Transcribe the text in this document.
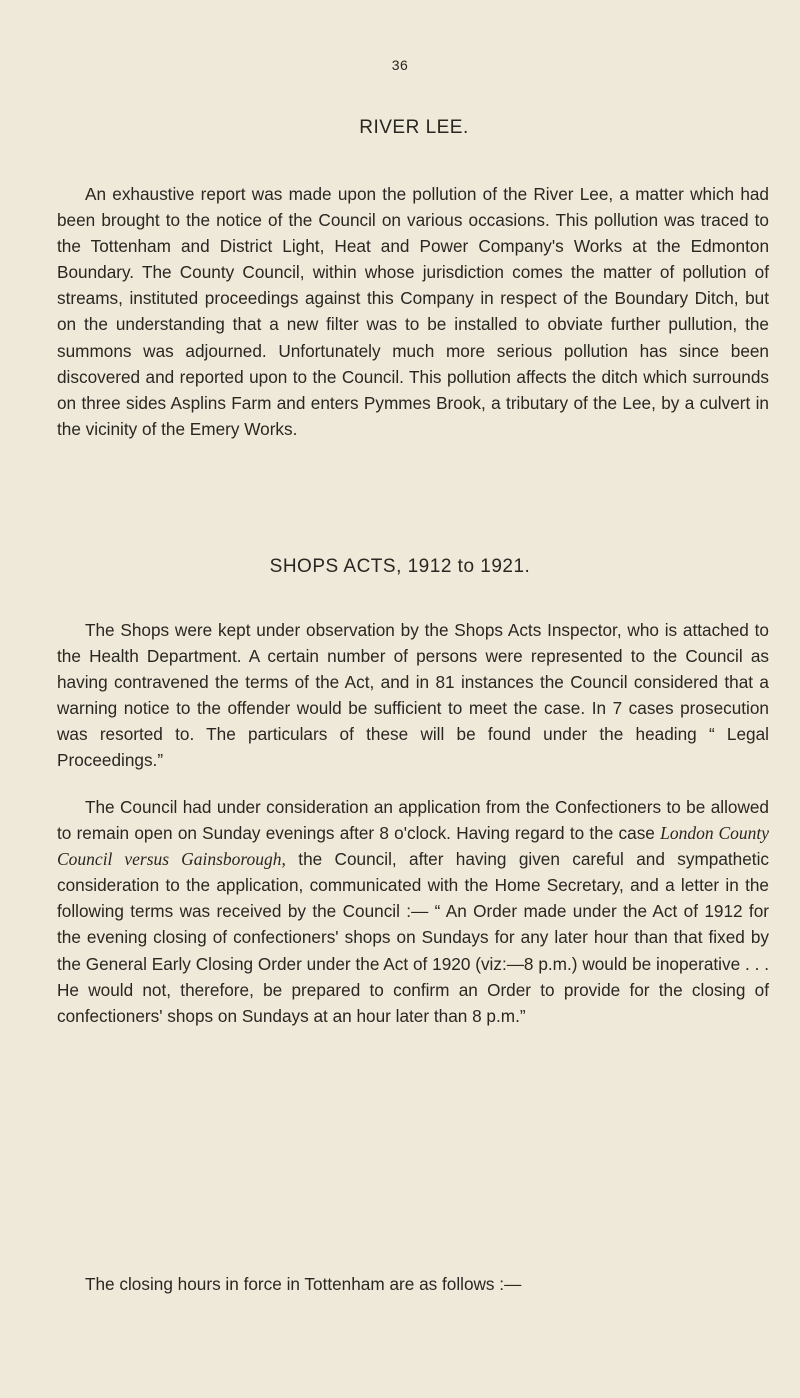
36
RIVER LEE.

An exhaustive report was made upon the pollution of the River Lee, a matter which had been brought to the notice of the Council on various occasions. This pollution was traced to the Tottenham and District Light, Heat and Power Company's Works at the Edmonton Boundary. The County Council, within whose jurisdiction comes the matter of pollution of streams, instituted proceedings against this Company in respect of the Boundary Ditch, but on the understanding that a new filter was to be installed to obviate further pullution, the summons was adjourned. Unfortunately much more serious pollution has since been discovered and reported upon to the Council. This pollution affects the ditch which surrounds on three sides Asplins Farm and enters Pymmes Brook, a tributary of the Lee, by a culvert in the vicinity of the Emery Works.

SHOPS ACTS, 1912 to 1921.

The Shops were kept under observation by the Shops Acts Inspector, who is attached to the Health Department. A certain number of persons were represented to the Council as having contravened the terms of the Act, and in 81 instances the Council considered that a warning notice to the offender would be sufficient to meet the case. In 7 cases prosecution was resorted to. The particulars of these will be found under the heading “ Legal Proceedings.”

The Council had under consideration an application from the Confectioners to be allowed to remain open on Sunday evenings after 8 o'clock. Having regard to the case London County Council versus Gainsborough, the Council, after having given careful and sympathetic consideration to the application, communicated with the Home Secretary, and a letter in the following terms was received by the Council :— “ An Order made under the Act of 1912 for the evening closing of confectioners' shops on Sundays for any later hour than that fixed by the General Early Closing Order under the Act of 1920 (viz:—8 p.m.) would be inoperative . . . He would not, therefore, be prepared to confirm an Order to provide for the closing of confectioners' shops on Sundays at an hour later than 8 p.m.”

The closing hours in force in Tottenham are as follows :—
